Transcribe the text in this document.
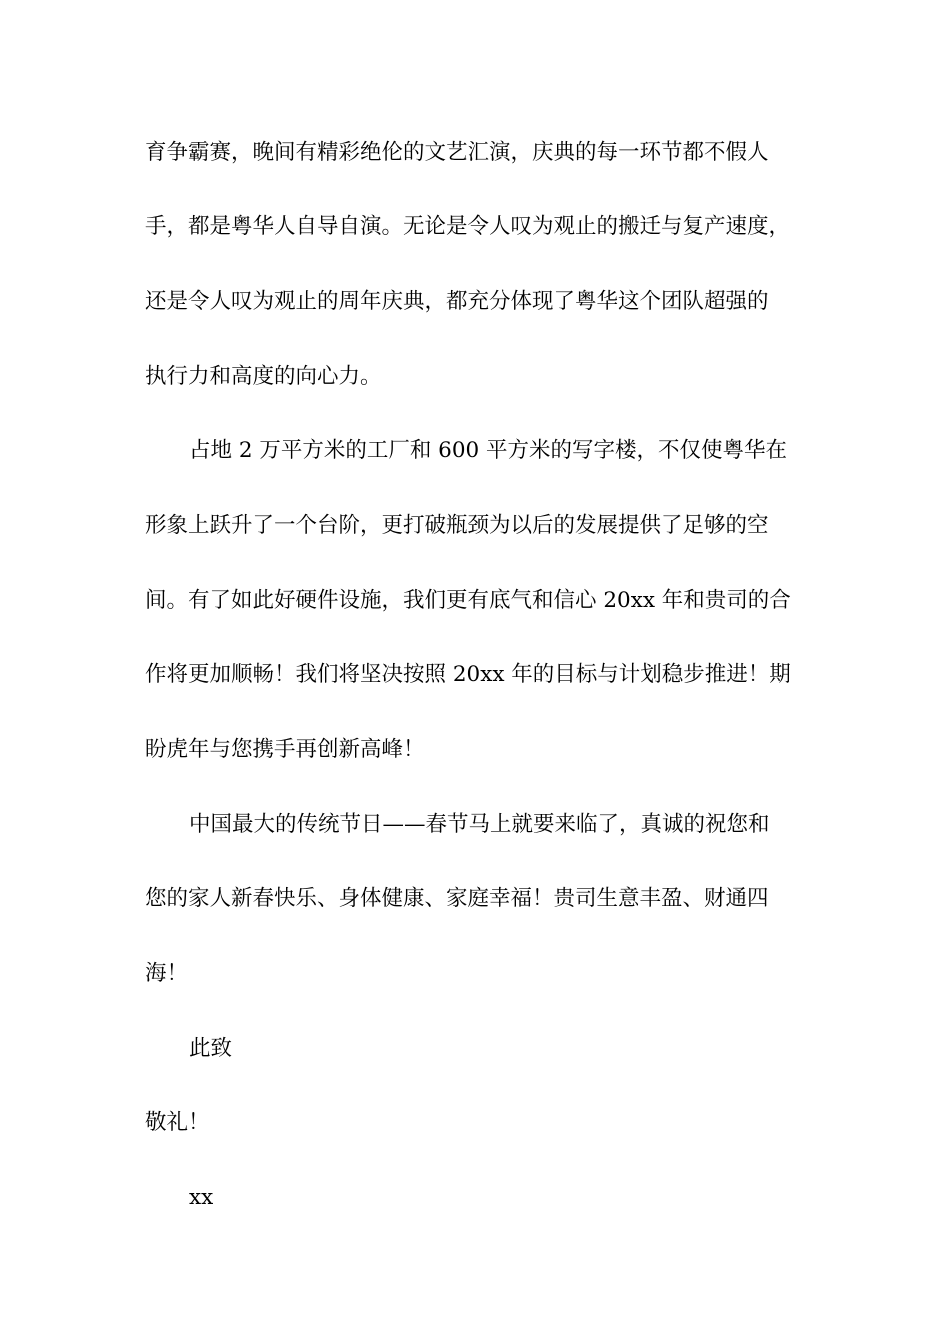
育争霸赛，晚间有精彩绝伦的文艺汇演，庆典的每一环节都不假人

手，都是粤华人自导自演。无论是令人叹为观止的搬迁与复产速度，

还是令人叹为观止的周年庆典，都充分体现了粤华这个团队超强的

执行力和高度的向心力。

占地 2 万平方米的工厂和 600 平方米的写字楼，不仅使粤华在

形象上跃升了一个台阶，更打破瓶颈为以后的发展提供了足够的空

间。有了如此好硬件设施，我们更有底气和信心 20xx 年和贵司的合

作将更加顺畅！我们将坚决按照 20xx 年的目标与计划稳步推进！期

盼虎年与您携手再创新高峰！

中国最大的传统节日——春节马上就要来临了，真诚的祝您和

您的家人新春快乐、身体健康、家庭幸福！贵司生意丰盈、财通四

海！

此致

敬礼！

xx
